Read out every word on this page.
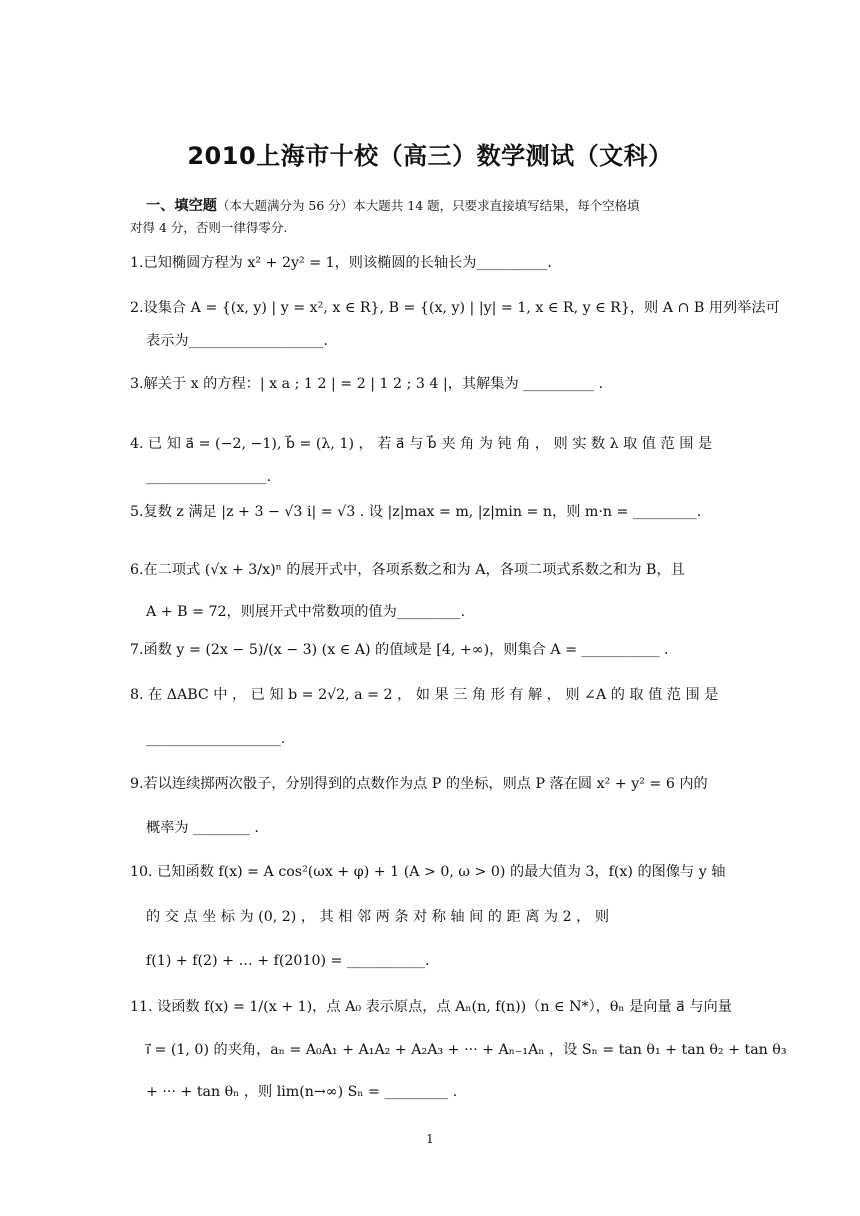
2010上海市十校（高三）数学测试（文科）
一、填空题（本大题满分为 56 分）本大题共 14 题，只要求直接填写结果，每个空格填
对得 4 分，否则一律得零分.
1.已知椭圆方程为 x² + 2y² = 1，则该椭圆的长轴长为__________.
2.设集合 A = {(x, y) | y = x², x ∈ R}, B = {(x, y) | |y| = 1, x ∈ R, y ∈ R}，则 A ∩ B 用列举法可
表示为___________________.
3.解关于 x 的方程：| x a ; 1 2 | = 2 | 1 2 ; 3 4 |，其解集为 __________ .
4. 已 知 a⃗ = (−2, −1), b⃗ = (λ, 1) ， 若 a⃗ 与 b⃗ 夹 角 为 钝 角 ， 则 实 数 λ 取 值 范 围 是
_________________.
5.复数 z 满足 |z + 3 − √3 i| = √3 . 设 |z|max = m, |z|min = n，则 m·n = _________.
6.在二项式 (√x + 3/x)ⁿ 的展开式中，各项系数之和为 A，各项二项式系数之和为 B，且
A + B = 72，则展开式中常数项的值为_________.
7.函数 y = (2x − 5)/(x − 3) (x ∈ A) 的值域是 [4, +∞)，则集合 A = ___________ .
8. 在 ΔABC 中 ， 已 知 b = 2√2, a = 2 ， 如 果 三 角 形 有 解 ， 则 ∠A 的 取 值 范 围 是
___________________.
9.若以连续掷两次骰子，分别得到的点数作为点 P 的坐标，则点 P 落在圆 x² + y² = 6 内的
概率为 ________ .
10. 已知函数 f(x) = A cos²(ωx + φ) + 1 (A > 0, ω > 0) 的最大值为 3，f(x) 的图像与 y 轴
的 交 点 坐 标 为 (0, 2) ， 其 相 邻 两 条 对 称 轴 间 的 距 离 为 2 ， 则
f(1) + f(2) + … + f(2010) = ___________.
11. 设函数 f(x) = 1/(x + 1)，点 A₀ 表示原点，点 Aₙ(n, f(n))（n ∈ N*），θₙ 是向量 a⃗ 与向量
i⃗ = (1, 0) 的夹角，aₙ = A₀A₁ + A₁A₂ + A₂A₃ + ··· + Aₙ₋₁Aₙ ，设 Sₙ = tan θ₁ + tan θ₂ + tan θ₃
+ ··· + tan θₙ ，则 lim(n→∞) Sₙ = _________ .
1
